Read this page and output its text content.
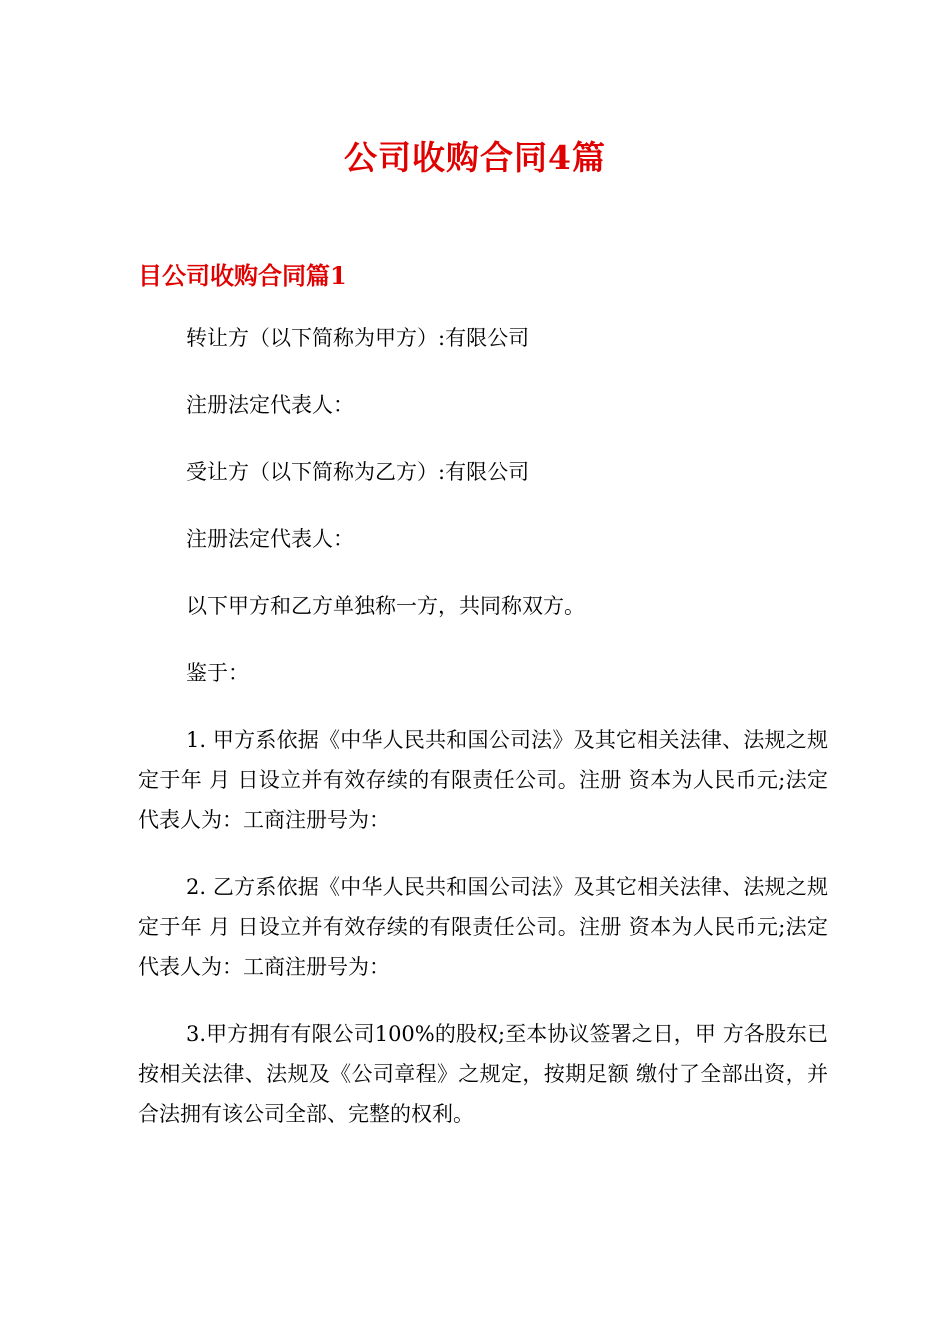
公司收购合同4篇
目公司收购合同篇1

转让方（以下简称为甲方）:有限公司

注册法定代表人：

受让方（以下简称为乙方）:有限公司

注册法定代表人：

以下甲方和乙方单独称一方，共同称双方。

鉴于：

1. 甲方系依据《中华人民共和国公司法》及其它相关法律、法规之规定于年 月 日设立并有效存续的有限责任公司。注册 资本为人民币元;法定代表人为：工商注册号为：

2. 乙方系依据《中华人民共和国公司法》及其它相关法律、法规之规定于年 月 日设立并有效存续的有限责任公司。注册 资本为人民币元;法定代表人为：工商注册号为：

3.甲方拥有有限公司100%的股权;至本协议签署之日，甲 方各股东已按相关法律、法规及《公司章程》之规定，按期足额 缴付了全部出资，并合法拥有该公司全部、完整的权利。
